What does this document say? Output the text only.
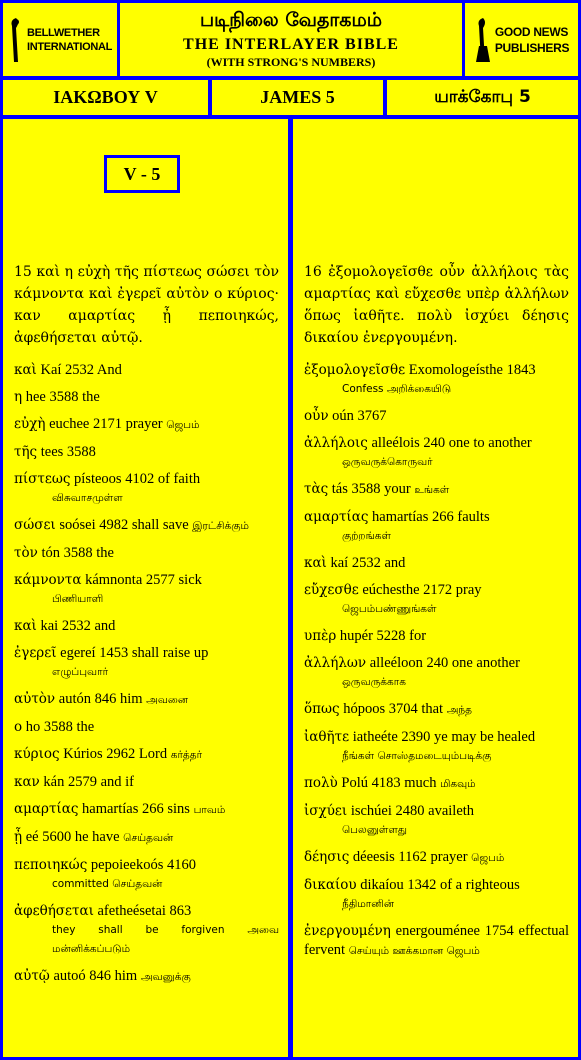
BELLWETHER
INTERNATIONAL
படிநிலை வேதாகமம்
THE INTERLAYER BIBLE
(WITH STRONG'S NUMBERS)
GOOD NEWS
PUBLISHERS
ΙΑΚΩΒΟΥ V	JAMES 5	யாக்கோபு 5
V - 5
15 καὶ η εὐχὴ τῆς πίστεως σώσει τὸν κάμνοντα καὶ ἐγερεῖ αὐτὸν ο κύριος· καν αμαρτίας ᾖ πεποιηκώς, ἀφεθήσεται αὐτῷ.
καὶ Kaí 2532 And
η hee 3588 the
εὐχὴ euchee 2171 prayer ஜெபம்
τῆς tees 3588
πίστεως písteoos 4102 of faith
விசுவாசமுள்ள
σώσει soósei 4982 shall save இரட்சிக்கும்
τὸν tón 3588 the
κάμνοντα kámnonta 2577 sick
பிணியாளி
καὶ kai 2532 and
ἐγερεῖ egereí 1453 shall raise up
எழுப்புவார்
αὐτὸν autón 846 him அவனை
ο ho 3588 the
κύριος Kúrios 2962 Lord கர்த்தர்
καν kán 2579 and if
αμαρτίας hamartías 266 sins பாவம்
ᾖ eé 5600 he have செய்தவன்
πεποιηκώς pepoieekoós 4160
committed செய்தவன்
ἀφεθήσεται afetheésetai 863
they shall be forgiven அவை மன்னிக்கப்படும்
αὐτῷ autoó 846 him அவனுக்கு
16 ἐξομολογεῖσθε οὖν ἀλλήλοις τὰς αμαρτίας καὶ εὔχεσθε υπὲρ ἀλλήλων ὅπως ἰαθῆτε. πολὺ ἰσχύει δέησις δικαίου ἐνεργουμένη.
ἐξομολογεῖσθε Exomologeísthe 1843
Confess அறிக்கையிடு
οὖν oún 3767
ἀλλήλοις alleélois 240 one to another
ஒருவருக்கொருவர்
τὰς tás 3588 your உங்கள்
αμαρτίας hamartías 266 faults
குற்றங்கள்
καὶ kaí 2532 and
εὔχεσθε eúchesthe 2172 pray
ஜெபம்பண்ணுங்கள்
υπὲρ hupér 5228 for
ἀλλήλων alleéloon 240 one another
ஒருவருக்காக
ὅπως hópoos 3704 that அந்த
ἰαθῆτε iatheéte 2390 ye may be healed
நீங்கள் சொஸ்தமடையும்படிக்கு
πολὺ Polú 4183 much மிகவும்
ἰσχύει ischúei 2480 availeth
பெலனுள்ளது
δέησις déeesis 1162 prayer ஜெபம்
δικαίου dikaíou 1342 of a righteous
நீதிமானின்
ἐνεργουμένη energouménee 1754 effectual fervent செய்யும் ஊக்கமான ஜெபம்
